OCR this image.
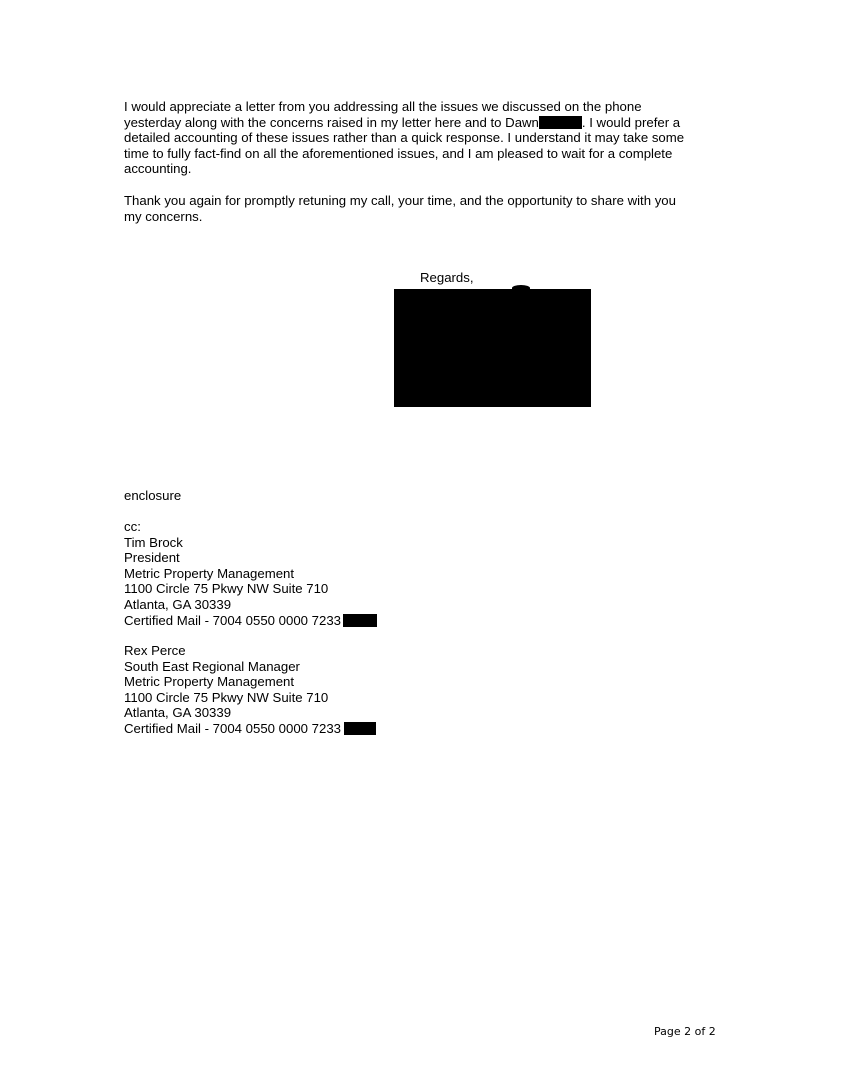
I would appreciate a letter from you addressing all the issues we discussed on the phone
yesterday along with the concerns raised in my letter here and to Dawn	. I would prefer a
detailed accounting of these issues rather than a quick response. I understand it may take some
time to fully fact-find on all the aforementioned issues, and I am pleased to wait for a complete
accounting.

Thank you again for promptly retuning my call, your time, and the opportunity to share with you
my concerns.

Regards,
enclosure
cc:
Tim Brock
President
Metric Property Management
1100 Circle 75 Pkwy NW Suite 710
Atlanta, GA 30339
Certified Mail - 7004 0550 0000 7233
Rex Perce
South East Regional Manager
Metric Property Management
1100 Circle 75 Pkwy NW Suite 710
Atlanta, GA 30339
Certified Mail - 7004 0550 0000 7233
Page 2 of 2
